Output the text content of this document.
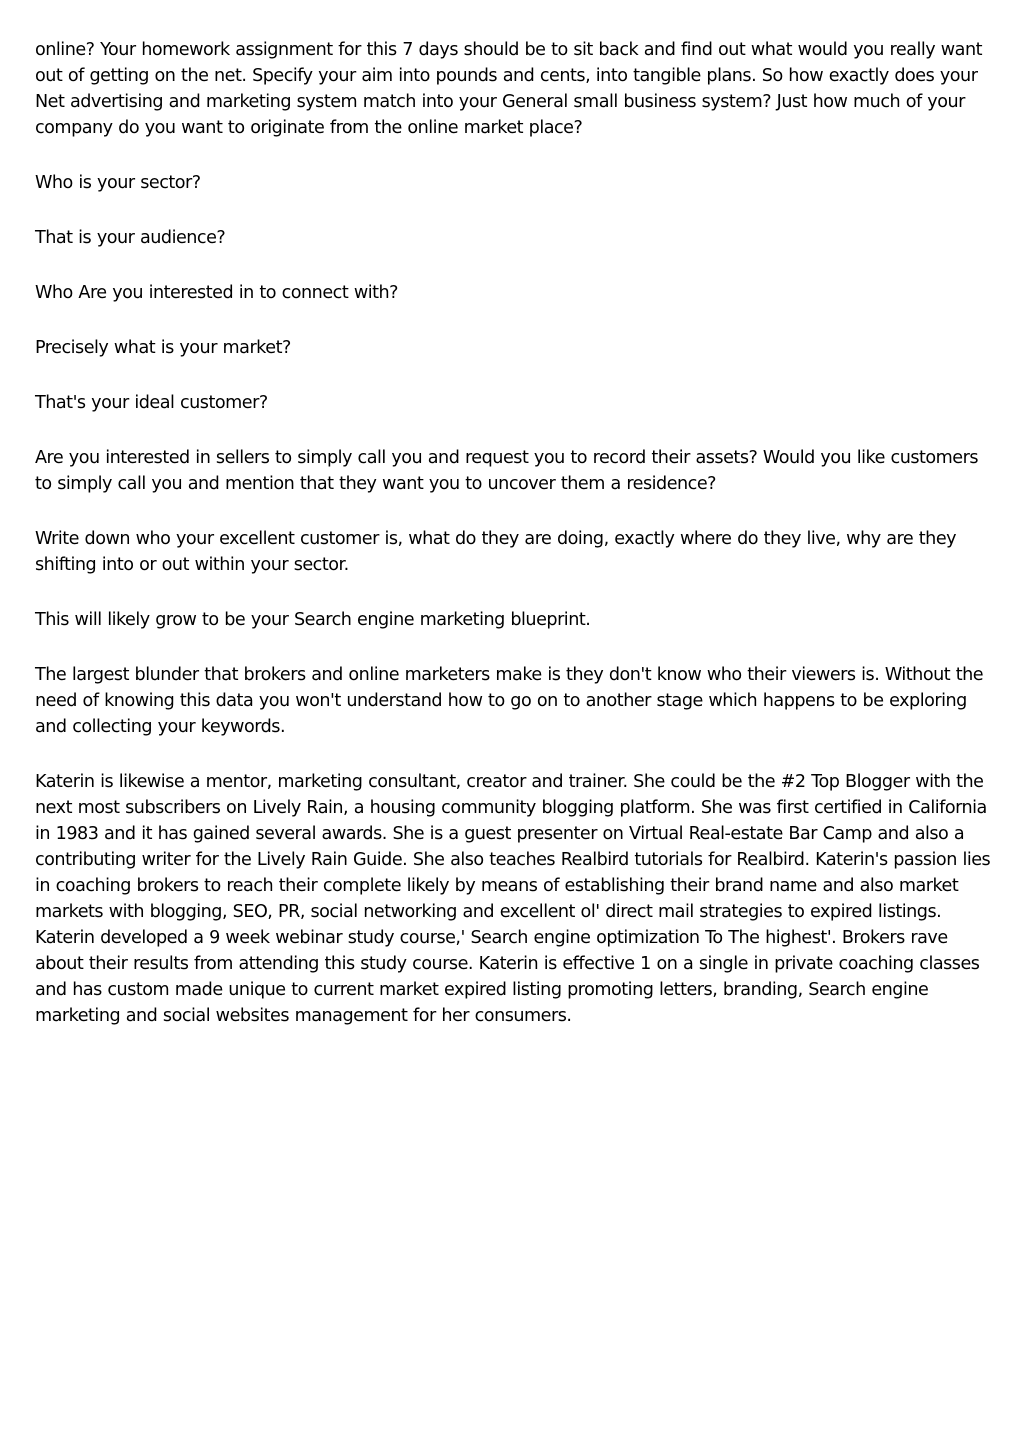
online? Your homework assignment for this 7 days should be to sit back and find out what would you really want out of getting on the net. Specify your aim into pounds and cents, into tangible plans. So how exactly does your Net advertising and marketing system match into your General small business system? Just how much of your company do you want to originate from the online market place?

Who is your sector?

That is your audience?

Who Are you interested in to connect with?

Precisely what is your market?

That's your ideal customer?

Are you interested in sellers to simply call you and request you to record their assets? Would you like customers to simply call you and mention that they want you to uncover them a residence?

Write down who your excellent customer is, what do they are doing, exactly where do they live, why are they shifting into or out within your sector.

This will likely grow to be your Search engine marketing blueprint.

The largest blunder that brokers and online marketers make is they don't know who their viewers is. Without the need of knowing this data you won't understand how to go on to another stage which happens to be exploring and collecting your keywords.

Katerin is likewise a mentor, marketing consultant, creator and trainer. She could be the #2 Top Blogger with the next most subscribers on Lively Rain, a housing community blogging platform. She was first certified in California in 1983 and it has gained several awards. She is a guest presenter on Virtual Real-estate Bar Camp and also a contributing writer for the Lively Rain Guide. She also teaches Realbird tutorials for Realbird. Katerin's passion lies in coaching brokers to reach their complete likely by means of establishing their brand name and also market markets with blogging, SEO, PR, social networking and excellent ol' direct mail strategies to expired listings. Katerin developed a 9 week webinar study course,' Search engine optimization To The highest'. Brokers rave about their results from attending this study course. Katerin is effective 1 on a single in private coaching classes and has custom made unique to current market expired listing promoting letters, branding, Search engine marketing and social websites management for her consumers.
